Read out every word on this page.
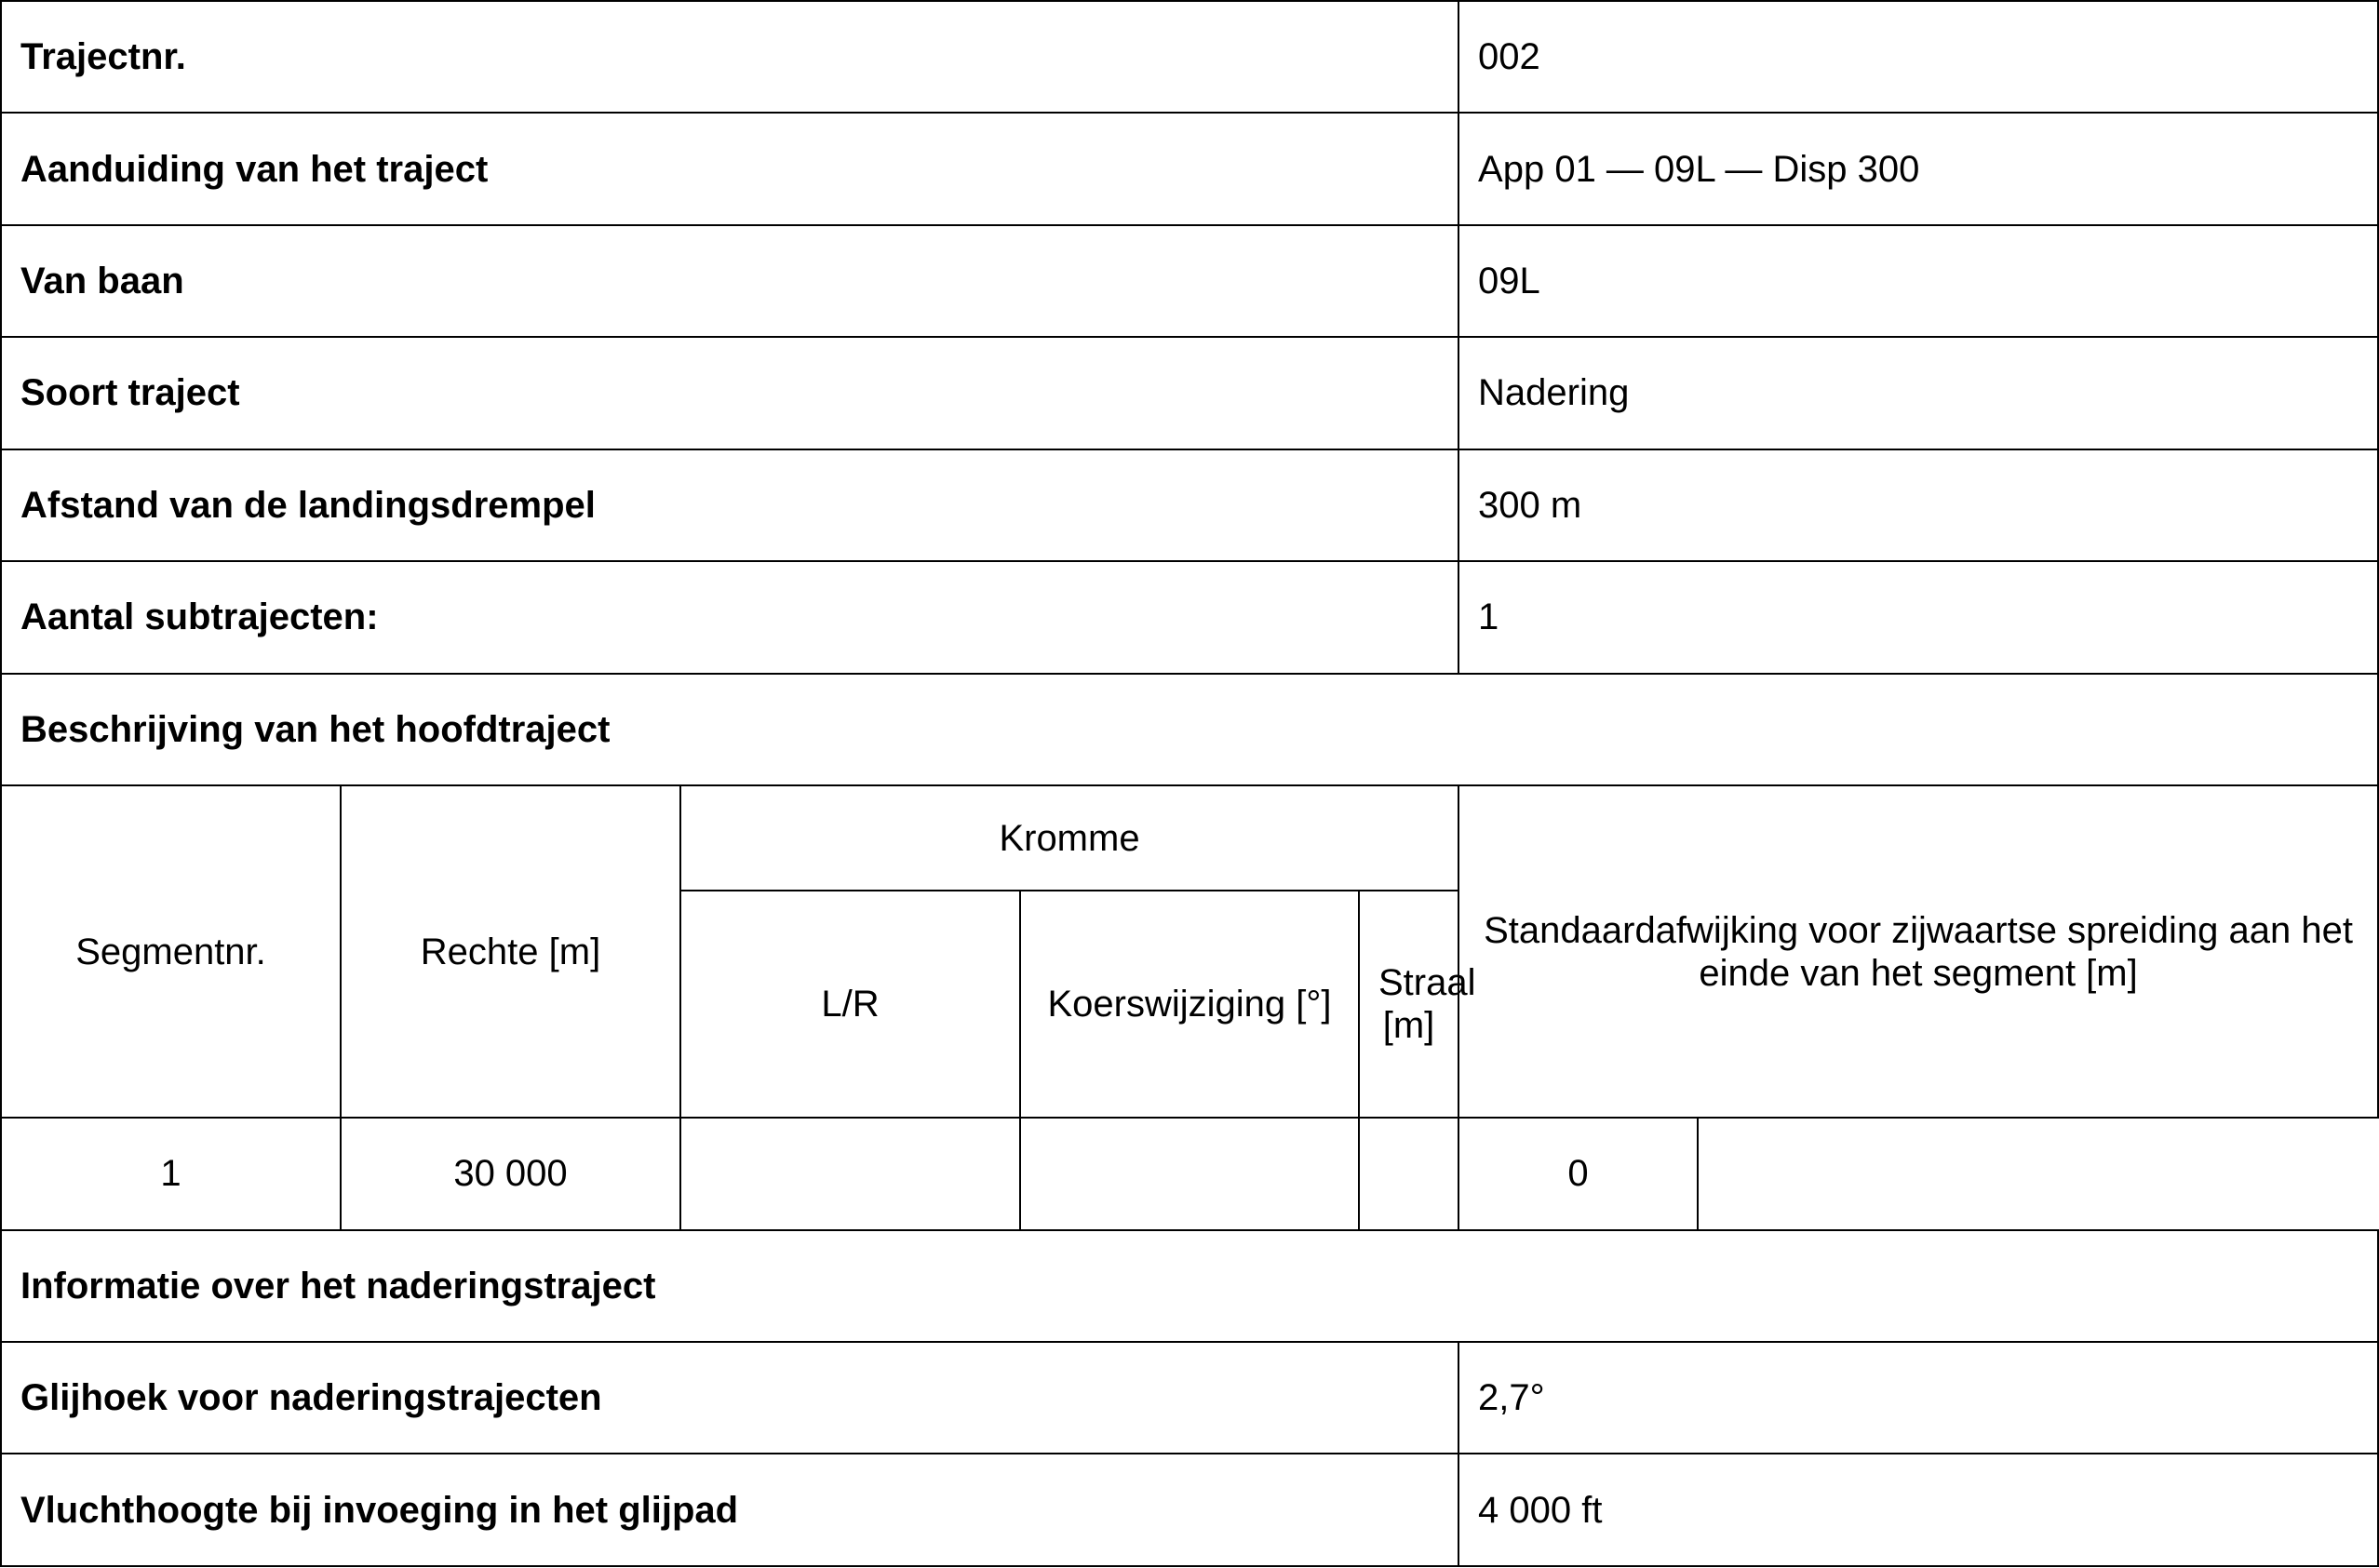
Trajectnr.					002
Aanduiding van het traject					App 01 — 09L — Disp 300
Van baan					09L
Soort traject					Nadering
Afstand van de landingsdrempel					300 m
Aantal subtrajecten:					1
Beschrijving van het hoofdtraject					
Segmentnr.	Rechte [m]	Kromme			Standaardafwijking voor zijwaartse spreiding aan het einde van het segment [m]
		L/R	Koerswijziging [°]	Straal [m]	
1	30 000				0
Informatie over het naderingstraject					
Glijhoek voor naderingstrajecten					2,7°
Vluchthoogte bij invoeging in het glijpad					4 000 ft
